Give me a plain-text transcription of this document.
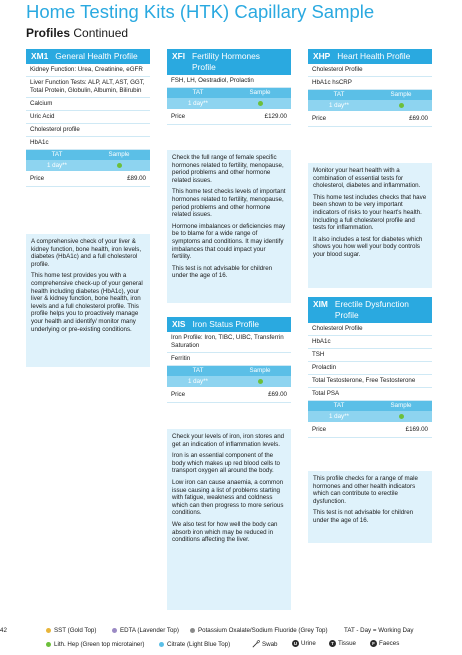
Home Testing Kits (HTK) Capillary Sample
Profiles Continued
XM1 General Health Profile
Kidney Function: Urea, Creatinine, eGFR
Liver Function Tests: ALP, ALT, AST, GGT, Total Protein, Globulin, Albumin, Bilirubin
Calcium
Uric Acid
Cholesterol profile
HbA1c
TAT	Sample
1 day**
Price	£89.00

A comprehensive check of your liver & kidney function, bone health, iron levels, diabetes (HbA1c) and a full cholesterol profile.

This home test provides you with a comprehensive check-up of your general health including diabetes (HbA1c), your liver & kidney function, bone health, iron levels and a full cholesterol profile. This profile helps you to proactively manage your health and identify/ monitor many underlying or pre-existing conditions.

XFI Fertility Hormones Profile
FSH, LH, Oestradiol, Prolactin
TAT	Sample
1 day**
Price	£129.00

Check the full range of female specific hormones related to fertility, menopause, period problems and other hormone related issues.

This home test checks levels of important hormones related to fertility, menopause, period problems and other hormone related issues.

Hormone imbalances or deficiencies may be to blame for a wide range of symptoms and conditions. It may identify imbalances that could impact your fertility.

This test is not advisable for children under the age of 16.

XIS Iron Status Profile
Iron Profile: Iron, TIBC, UIBC, Transferrin Saturation
Ferritin
TAT	Sample
1 day**
Price	£69.00

Check your levels of iron, iron stores and get an indication of inflammation levels.

Iron is an essential component of the body which makes up red blood cells to transport oxygen all around the body.

Low iron can cause anaemia, a common issue causing a list of problems starting with fatigue, weakness and coldness which can then progress to more serious conditions.

We also test for how well the body can absorb iron which may be reduced in conditions affecting the liver.

XHP Heart Health Profile
Cholesterol Profile
HbA1c hsCRP
TAT	Sample
1 day**
Price	£69.00

Monitor your heart health with a combination of essential tests for cholesterol, diabetes and inflammation.

This home test includes checks that have been shown to be very important indicators of risks to your heart's health. Including a full cholesterol profile and tests for inflammation.

It also includes a test for diabetes which shows you how well your body controls your blood sugar.

XIM Erectile Dysfunction Profile
Cholesterol Profile
HbA1c
TSH
Prolactin
Total Testosterone, Free Testosterone
Total PSA
TAT	Sample
1 day**
Price	£169.00

This profile checks for a range of male hormones and other health indicators which can contribute to erectile dysfunction.

This test is not advisable for children under the age of 16.

42	SST (Gold Top)	EDTA (Lavender Top)	Potassium Oxalate/Sodium Fluoride (Grey Top)	TAT - Day = Working Day
Lith. Hep (Green top microtainer)	Citrate (Light Blue Top)	Swab	U Urine	T Tissue	F Faeces
